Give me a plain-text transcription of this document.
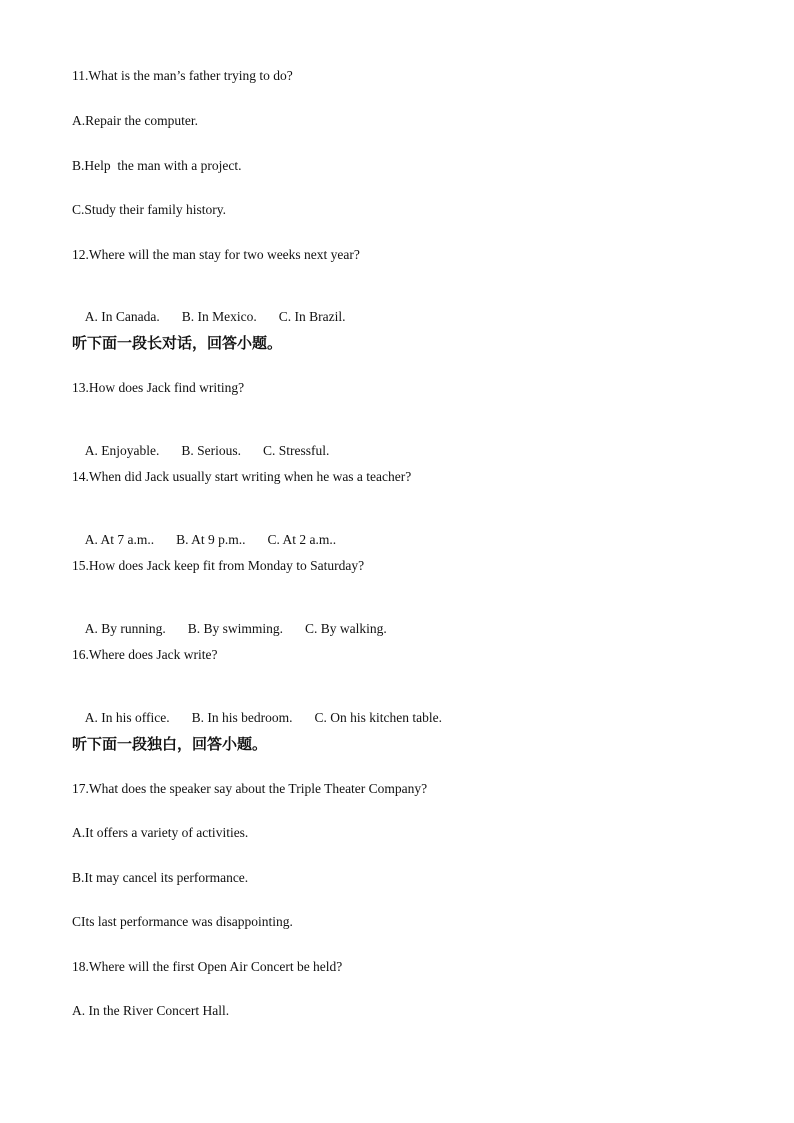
11.What is the man’s father trying to do?
A.Repair the computer.
B.Help  the man with a project.
C.Study their family history.
12.Where will the man stay for two weeks next year?

A. In Canada. B. In Mexico. C. In Brazil.

听下面一段长对话，回答小题。
13.How does Jack find writing?

A. Enjoyable. B. Serious. C. Stressful.

14.When did Jack usually start writing when he was a teacher?

A. At 7 a.m.. B. At 9 p.m.. C. At 2 a.m..

15.How does Jack keep fit from Monday to Saturday?

A. By running. B. By swimming. C. By walking.

16.Where does Jack write?

A. In his office. B. In his bedroom. C. On his kitchen table.

听下面一段独白，回答小题。
17.What does the speaker say about the Triple Theater Company?
A.It offers a variety of activities.
B.It may cancel its performance.
CIts last performance was disappointing.
18.Where will the first Open Air Concert be held?
A. In the River Concert Hall.
